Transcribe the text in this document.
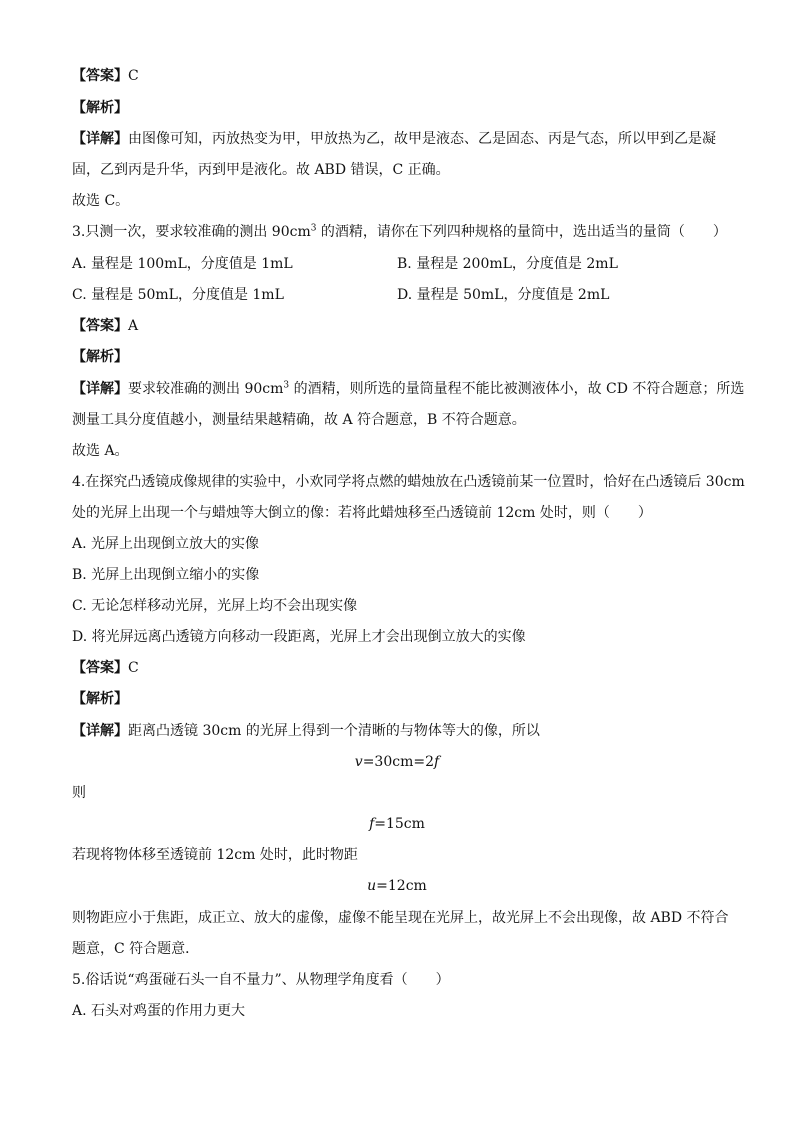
【答案】C
【解析】
【详解】由图像可知，丙放热变为甲，甲放热为乙，故甲是液态、乙是固态、丙是气态，所以甲到乙是凝
固，乙到丙是升华，丙到甲是液化。故 ABD 错误，C 正确。
故选 C。
3.只测一次，要求较准确的测出 $90cm^3$ 的酒精，请你在下列四种规格的量筒中，选出适当的量筒（　　）
A. 量程是 100mL，分度值是 1mL	B. 量程是 200mL，分度值是 2mL
C. 量程是 50mL，分度值是 1mL	D. 量程是 50mL，分度值是 2mL
【答案】A
【解析】
【详解】要求较准确的测出 $90cm^3$ 的酒精，则所选的量筒量程不能比被测液体小，故 CD 不符合题意；所选
测量工具分度值越小，测量结果越精确，故 A 符合题意，B 不符合题意。
故选 A。
4.在探究凸透镜成像规律的实验中，小欢同学将点燃的蜡烛放在凸透镜前某一位置时，恰好在凸透镜后 30cm
处的光屏上出现一个与蜡烛等大倒立的像：若将此蜡烛移至凸透镜前 12cm 处时，则（　　）
A. 光屏上出现倒立放大的实像
B. 光屏上出现倒立缩小的实像
C. 无论怎样移动光屏，光屏上均不会出现实像
D. 将光屏远离凸透镜方向移动一段距离，光屏上才会出现倒立放大的实像
【答案】C
【解析】
【详解】距离凸透镜 30cm 的光屏上得到一个清晰的与物体等大的像，所以
v=30cm=2f
则
f=15cm
若现将物体移至透镜前 12cm 处时，此时物距
u=12cm
则物距应小于焦距，成正立、放大的虚像，虚像不能呈现在光屏上，故光屏上不会出现像，故 ABD 不符合
题意，C 符合题意．
5.俗话说“鸡蛋碰石头一自不量力”、从物理学角度看（　　）
A. 石头对鸡蛋的作用力更大
